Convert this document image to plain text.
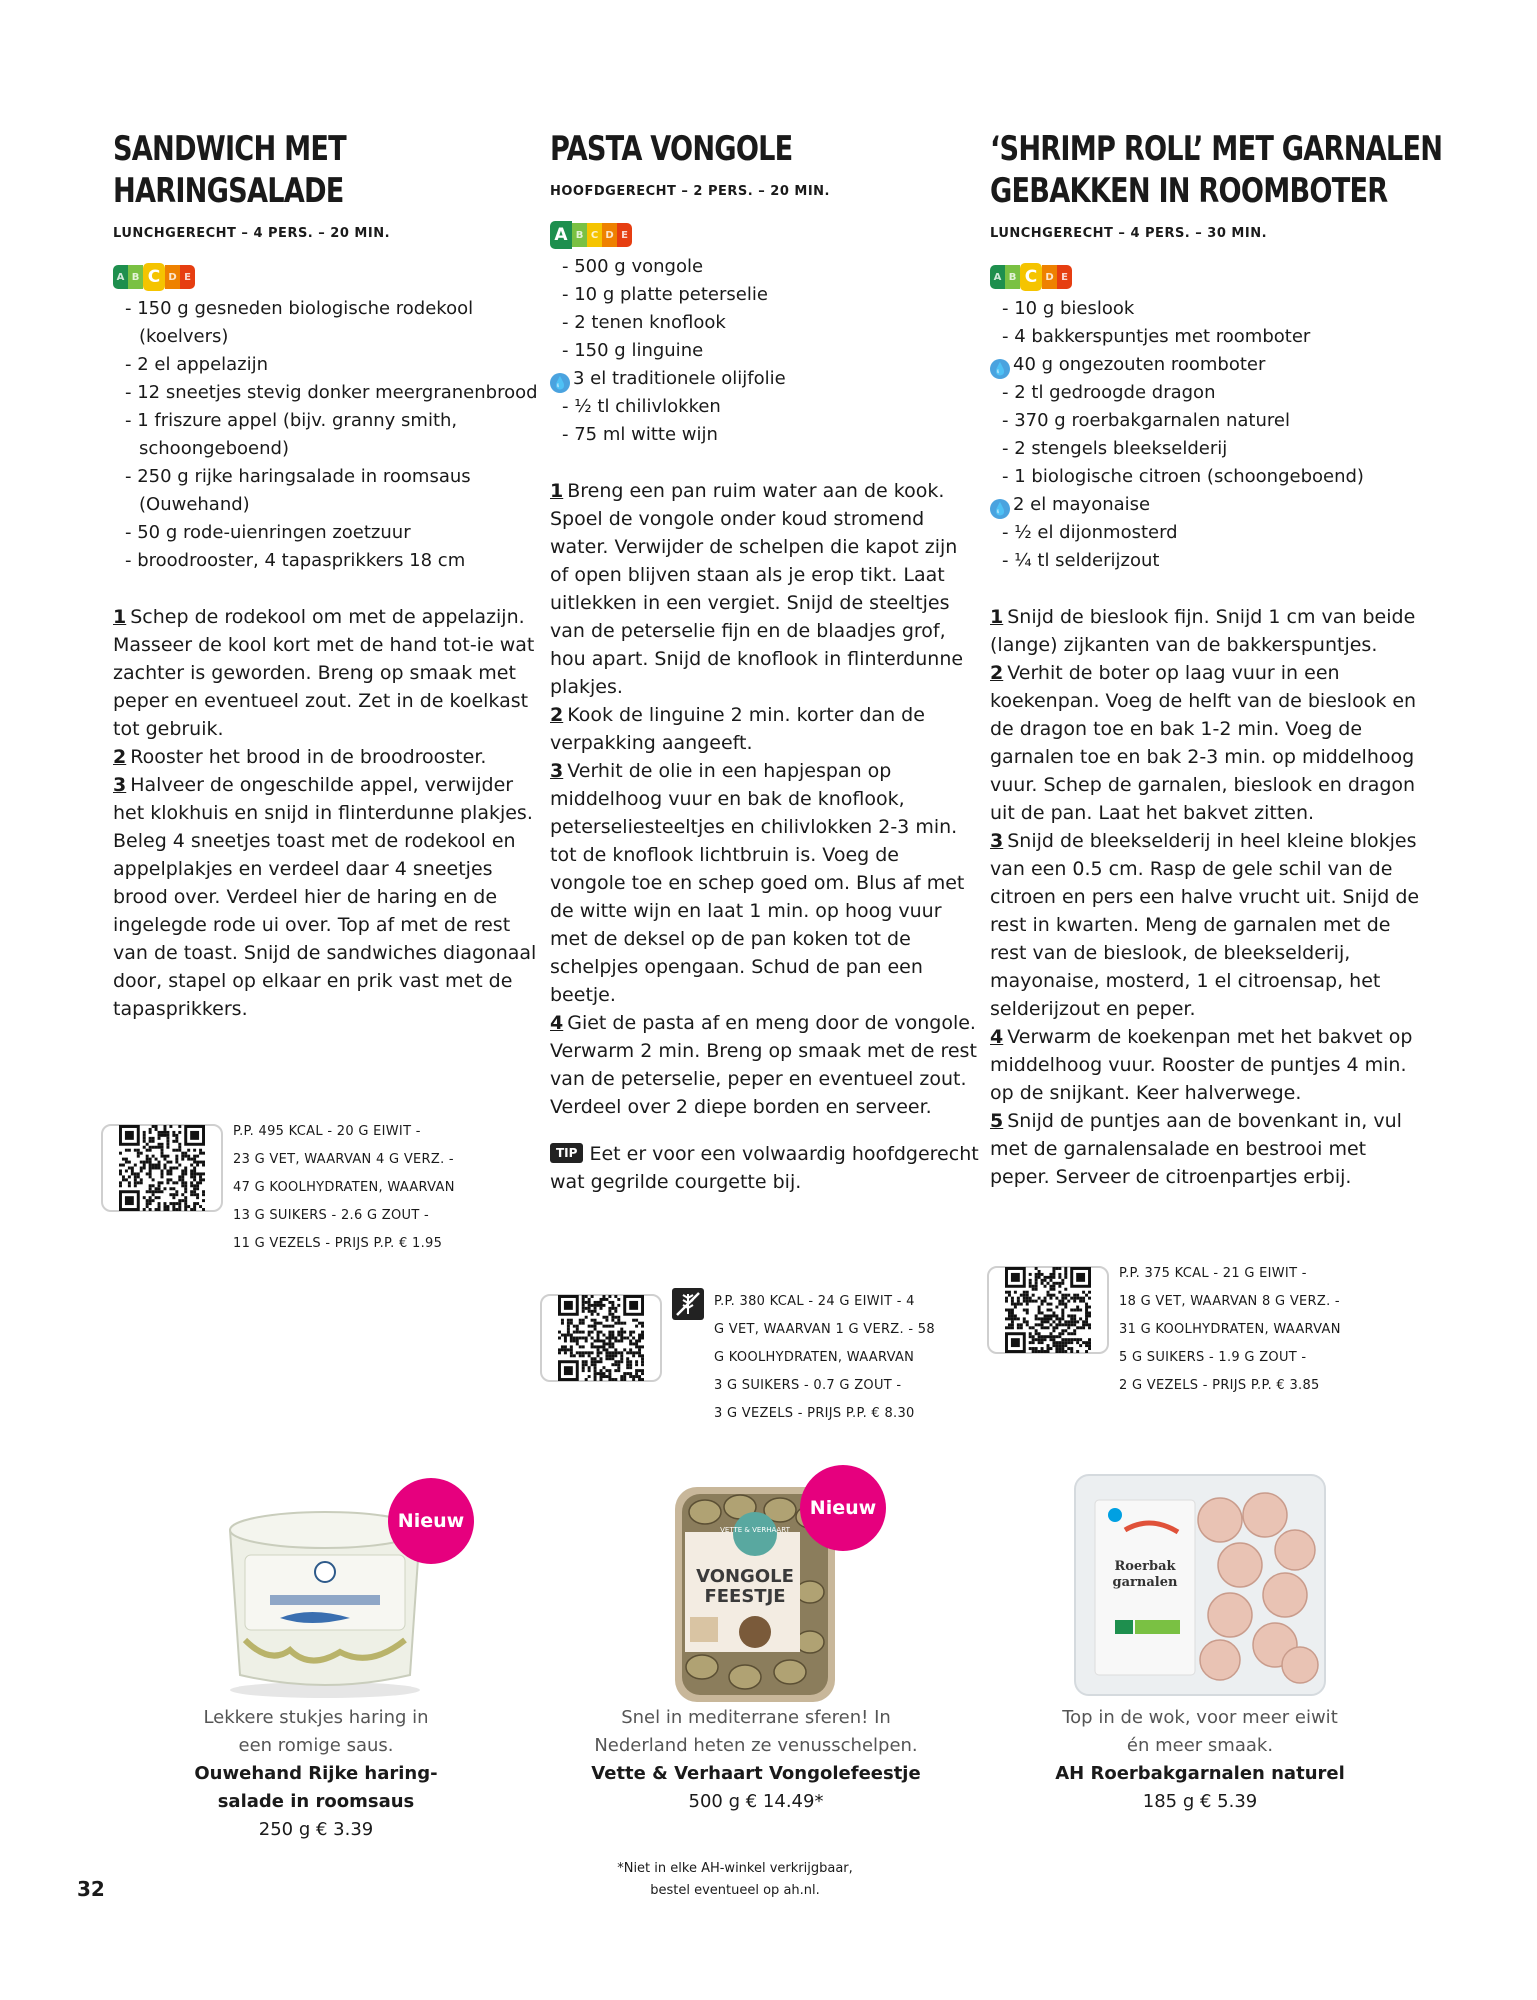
SANDWICH MET
HARINGSALADE
LUNCHGERECHT – 4 PERS. – 20 MIN.
A B C D E
- 150 g gesneden biologische rodekool (koelvers)
- 2 el appelazijn
- 12 sneetjes stevig donker meergranenbrood
- 1 friszure appel (bijv. granny smith, schoongeboend)
- 250 g rijke haringsalade in roomsaus (Ouwehand)
- 50 g rode-uienringen zoetzuur
- broodrooster, 4 tapasprikkers 18 cm

1 Schep de rodekool om met de appelazijn. Masseer de kool kort met de hand tot-ie wat zachter is geworden. Breng op smaak met peper en eventueel zout. Zet in de koelkast tot gebruik.

2 Rooster het brood in de broodrooster.

3 Halveer de ongeschilde appel, verwijder het klokhuis en snijd in flinterdunne plakjes. Beleg 4 sneetjes toast met de rodekool en appelplakjes en verdeel daar 4 sneetjes brood over. Verdeel hier de haring en de ingelegde rode ui over. Top af met de rest van de toast. Snijd de sandwiches diagonaal door, stapel op elkaar en prik vast met de tapasprikkers.

P.P. 495 KCAL - 20 G EIWIT -
23 G VET, WAARVAN 4 G VERZ. -
47 G KOOLHYDRATEN, WAARVAN
13 G SUIKERS - 2.6 G ZOUT -
11 G VEZELS - PRIJS P.P. € 1.95
PASTA VONGOLE
HOOFDGERECHT – 2 PERS. – 20 MIN.
A B C D E
- 500 g vongole
- 10 g platte peterselie
- 2 tenen knoflook
- 150 g linguine
💧 3 el traditionele olijfolie
- ½ tl chilivlokken
- 75 ml witte wijn

1 Breng een pan ruim water aan de kook. Spoel de vongole onder koud stromend water. Verwijder de schelpen die kapot zijn of open blijven staan als je erop tikt. Laat uitlekken in een vergiet. Snijd de steeltjes van de peterselie fijn en de blaadjes grof, hou apart. Snijd de knoflook in flinterdunne plakjes.

2 Kook de linguine 2 min. korter dan de verpakking aangeeft.

3 Verhit de olie in een hapjespan op middelhoog vuur en bak de knoflook, peterseliesteeltjes en chilivlokken 2-3 min. tot de knoflook lichtbruin is. Voeg de vongole toe en schep goed om. Blus af met de witte wijn en laat 1 min. op hoog vuur met de deksel op de pan koken tot de schelpjes opengaan. Schud de pan een beetje.

4 Giet de pasta af en meng door de vongole. Verwarm 2 min. Breng op smaak met de rest van de peterselie, peper en eventueel zout. Verdeel over 2 diepe borden en serveer.

TIP Eet er voor een volwaardig hoofdgerecht wat gegrilde courgette bij.
P.P. 380 KCAL - 24 G EIWIT - 4
G VET, WAARVAN 1 G VERZ. - 58
G KOOLHYDRATEN, WAARVAN
3 G SUIKERS - 0.7 G ZOUT -
3 G VEZELS - PRIJS P.P. € 8.30
‘SHRIMP ROLL’ MET GARNALEN
GEBAKKEN IN ROOMBOTER
LUNCHGERECHT – 4 PERS. – 30 MIN.
A B C D E
- 10 g bieslook
- 4 bakkerspuntjes met roomboter
💧 40 g ongezouten roomboter
- 2 tl gedroogde dragon
- 370 g roerbakgarnalen naturel
- 2 stengels bleekselderij
- 1 biologische citroen (schoongeboend)
💧 2 el mayonaise
- ½ el dijonmosterd
- ¼ tl selderijzout

1 Snijd de bieslook fijn. Snijd 1 cm van beide (lange) zijkanten van de bakkerspuntjes.

2 Verhit de boter op laag vuur in een koekenpan. Voeg de helft van de bieslook en de dragon toe en bak 1-2 min. Voeg de garnalen toe en bak 2-3 min. op middelhoog vuur. Schep de garnalen, bieslook en dragon uit de pan. Laat het bakvet zitten.

3 Snijd de bleekselderij in heel kleine blokjes van een 0.5 cm. Rasp de gele schil van de citroen en pers een halve vrucht uit. Snijd de rest in kwarten. Meng de garnalen met de rest van de bieslook, de bleekselderij, mayonaise, mosterd, 1 el citroensap, het selderijzout en peper.

4 Verwarm de koekenpan met het bakvet op middelhoog vuur. Rooster de puntjes 4 min. op de snijkant. Keer halverwege.

5 Snijd de puntjes aan de bovenkant in, vul met de garnalensalade en bestrooi met peper. Serveer de citroenpartjes erbij.

P.P. 375 KCAL - 21 G EIWIT -
18 G VET, WAARVAN 8 G VERZ. -
31 G KOOLHYDRATEN, WAARVAN
5 G SUIKERS - 1.9 G ZOUT -
2 G VEZELS - PRIJS P.P. € 3.85
Nieuw	VETTE & VERHAART
VONGOLE
FEESTJE
Nieuw
Roerbak
garnalen
Lekkere stukjes haring in
een romige saus.
Ouwehand Rijke haring-
salade in roomsaus
250 g € 3.39
Snel in mediterrane sferen! In
Nederland heten ze venusschelpen.
Vette & Verhaart Vongolefeestje
500 g € 14.49*
Top in de wok, voor meer eiwit
én meer smaak.
AH Roerbakgarnalen naturel
185 g € 5.39
*Niet in elke AH-winkel verkrijgbaar,
bestel eventueel op ah.nl.
32
